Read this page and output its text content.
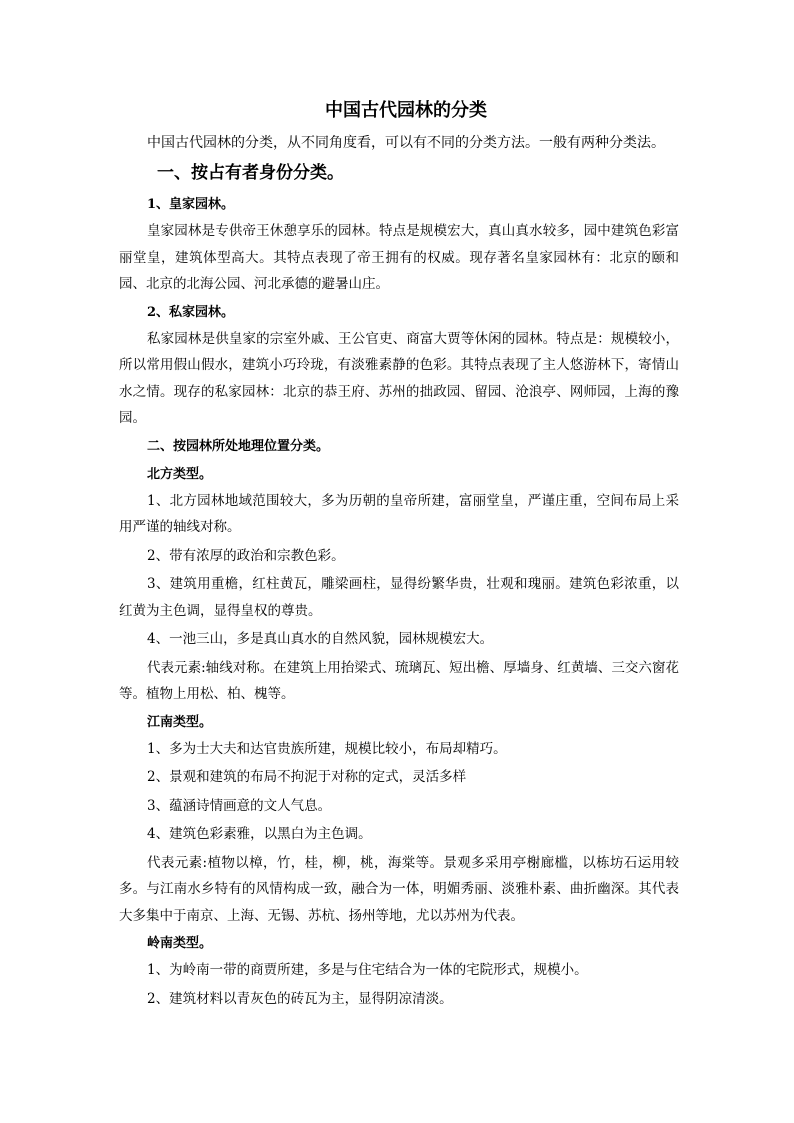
中国古代园林的分类

中国古代园林的分类，从不同角度看，可以有不同的分类方法。一般有两种分类法。

一、按占有者身份分类。
1、皇家园林。

皇家园林是专供帝王休憩享乐的园林。特点是规模宏大，真山真水较多，园中建筑色彩富丽堂皇，建筑体型高大。其特点表现了帝王拥有的权威。现存著名皇家园林有：北京的颐和园、北京的北海公园、河北承德的避暑山庄。

2、私家园林。

私家园林是供皇家的宗室外戚、王公官吏、商富大贾等休闲的园林。特点是：规模较小，所以常用假山假水，建筑小巧玲珑，有淡雅素静的色彩。其特点表现了主人悠游林下，寄情山水之情。现存的私家园林：北京的恭王府、苏州的拙政园、留园、沧浪亭、网师园，上海的豫园。

二、按园林所处地理位置分类。
北方类型。

1、北方园林地域范围较大，多为历朝的皇帝所建，富丽堂皇，严谨庄重，空间布局上采用严谨的轴线对称。

2、带有浓厚的政治和宗教色彩。

3、建筑用重檐，红柱黄瓦，雕梁画柱，显得纷繁华贵，壮观和瑰丽。建筑色彩浓重，以红黄为主色调，显得皇权的尊贵。

4、一池三山，多是真山真水的自然风貌，园林规模宏大。

代表元素:轴线对称。在建筑上用抬梁式、琉璃瓦、短出檐、厚墙身、红黄墙、三交六窗花等。植物上用松、柏、槐等。

江南类型。

1、多为士大夫和达官贵族所建，规模比较小，布局却精巧。

2、景观和建筑的布局不拘泥于对称的定式，灵活多样

3、蕴涵诗情画意的文人气息。

4、建筑色彩素雅，以黑白为主色调。

代表元素:植物以樟，竹，桂，柳，桃，海棠等。景观多采用亭榭廊槛，以栋坊石运用较多。与江南水乡特有的风情构成一致，融合为一体，明媚秀丽、淡雅朴素、曲折幽深。其代表大多集中于南京、上海、无锡、苏杭、扬州等地，尤以苏州为代表。

岭南类型。

1、为岭南一带的商贾所建，多是与住宅结合为一体的宅院形式，规模小。

2、建筑材料以青灰色的砖瓦为主，显得阴凉清淡。
